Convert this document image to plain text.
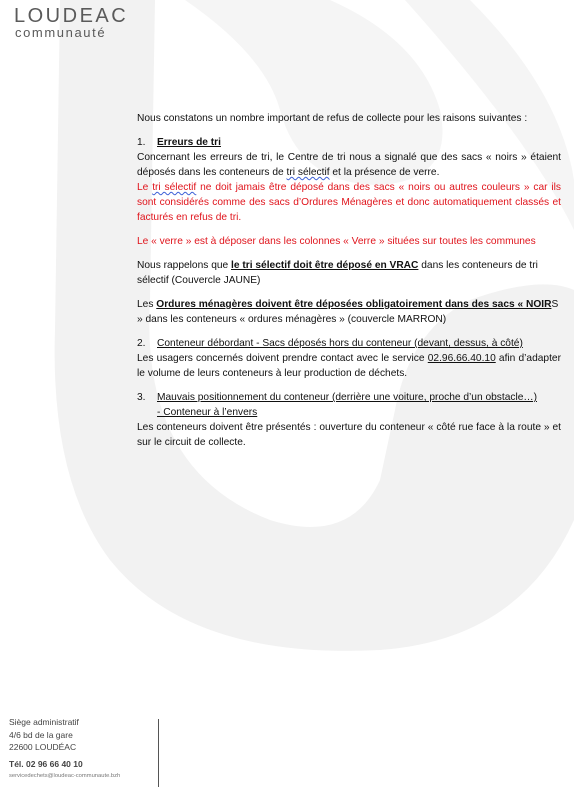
LOUDEAC
communauté

Nous constatons un nombre important de refus de collecte pour les raisons suivantes :

1. Erreurs de tri

Concernant les erreurs de tri, le Centre de tri nous a signalé que des sacs « noirs » étaient déposés dans les conteneurs de tri sélectif et la présence de verre.

Le tri sélectif ne doit jamais être déposé dans des sacs « noirs ou autres couleurs » car ils sont considérés comme des sacs d’Ordures Ménagères et donc automatiquement classés et facturés en refus de tri.

Le « verre » est à déposer dans les colonnes « Verre » situées sur toutes les communes

Nous rappelons que le tri sélectif doit être déposé en VRAC dans les conteneurs de tri sélectif (Couvercle JAUNE)

Les Ordures ménagères doivent être déposées obligatoirement dans des sacs « NOIRS » dans les conteneurs « ordures ménagères » (couvercle MARRON)

2. Conteneur débordant - Sacs déposés hors du conteneur (devant, dessus, à côté)

Les usagers concernés doivent prendre contact avec le service 02.96.66.40.10 afin d’adapter le volume de leurs conteneurs à leur production de déchets.

3. Mauvais positionnement du conteneur (derrière une voiture, proche d’un obstacle…)

- Conteneur à l’envers

Les conteneurs doivent être présentés : ouverture du conteneur « côté rue face à la route » et sur le circuit de collecte.

Siège administratif
4/6 bd de la gare
22600 LOUDÉAC
Tél. 02 96 66 40 10
servicedechets@loudeac-communaute.bzh
